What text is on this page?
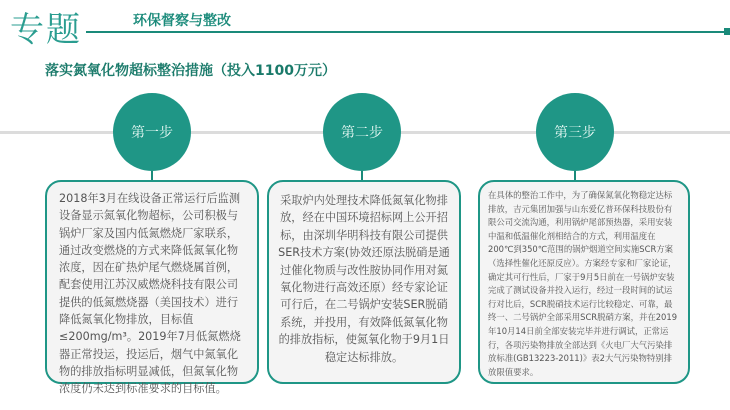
专题	环保督察与整改
落实氮氧化物超标整治措施（投入1100万元）
第一步	第二步	第三步

2018年3月在线设备正常运行后监测设备显示氮氧化物超标，公司积极与锅炉厂家及国内低氮燃烧厂家联系，通过改变燃烧的方式来降低氮氧化物浓度，因在矿热炉尾气燃烧属首例，配套使用江苏汉威燃烧科技有限公司提供的低氮燃烧器（美国技术）进行降低氮氧化物排放，目标值≤200mg/m³。2019年7月低氮燃烧器正常投运，投运后，烟气中氮氧化物的排放指标明显减低，但氮氧化物浓度仍未达到标准要求的目标值。

采取炉内处理技术降低氮氧化物排放，经在中国环境招标网上公开招标，由深圳华明科技有限公司提供SER技术方案(协效还原法脱硝是通过催化物质与改性胺协同作用对氮氧化物进行高效还原）经专家论证可行后，在二号锅炉安装SER脱硝系统，并投用，有效降低氮氧化物的排放指标，使氮氧化物于9月1日稳定达标排放。

在具体的整治工作中，为了确保氮氧化物稳定达标排放，吉元集团加强与山东爱亿普环保科技股份有限公司交流沟通，利用锅炉尾部预热器，采用安装中温和低温催化剂相结合的方式，利用温度在200℃到350℃范围的锅炉烟道空间实施SCR方案（选择性催化还原反应）。方案经专家和厂家论证，确定其可行性后，厂家于9月5日前在一号锅炉安装完成了测试设备并投入运行，经过一段时间的试运行对比后，SCR脱硝技术运行比较稳定、可靠，最终一、二号锅炉全部采用SCR脱硝方案，并在2019年10月14日前全部安装完毕并进行调试，正常运行，各项污染物排放全部达到《火电厂大气污染排放标准(GB13223-2011)》表2大气污染物特别排放限值要求。
